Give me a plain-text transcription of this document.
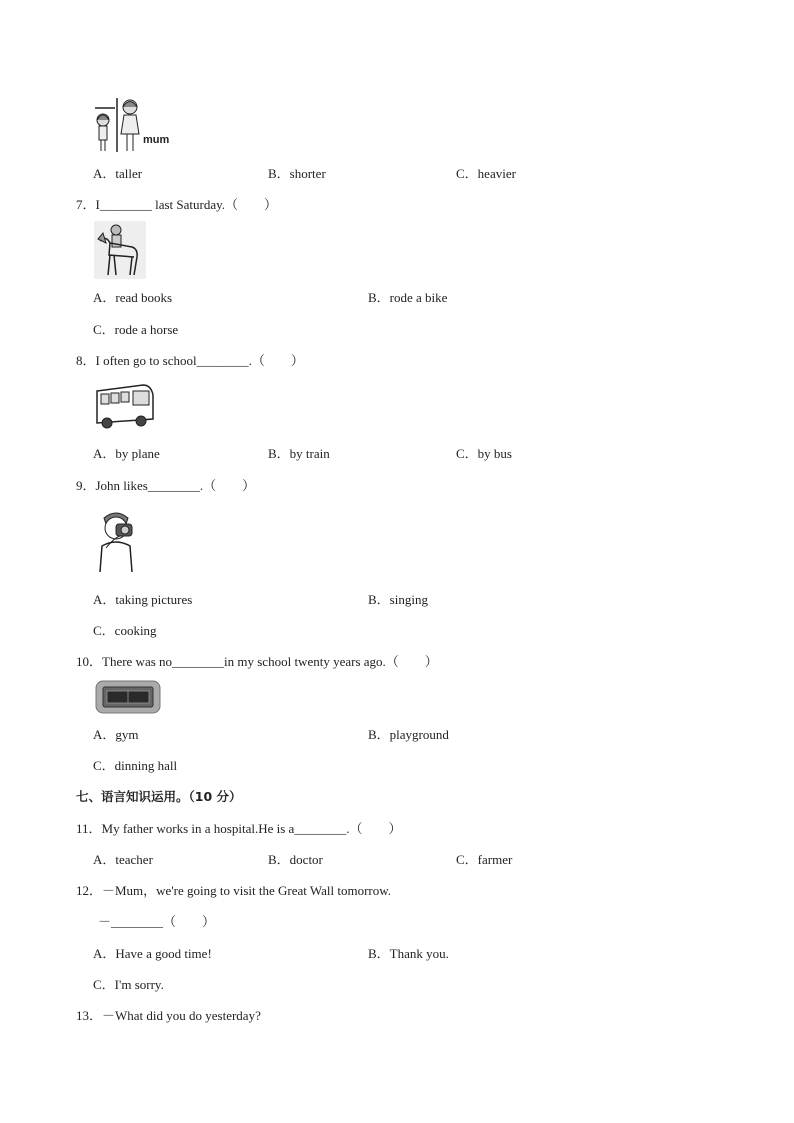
mum
A．taller	B．shorter	C．heavier
7．I________ last Saturday.（　　）
A．read books	B．rode a bike
C．rode a horse
8．I often go to school________.（　　）
A．by plane	B．by train	C．by bus
9．John likes________.（　　）
A．taking pictures	B．singing
C．cooking
10．There was no________in my school twenty years ago.（　　）
A．gym	B．playground
C．dinning hall
七、语言知识运用。（10 分）
11．My father works in a hospital.He is a________.（　　）
A．teacher	B．doctor	C．farmer
12．－Mum，we're going to visit the Great Wall tomorrow.
－________（　　）
A．Have a good time!	B．Thank you.
C．I'm sorry.
13．－What did you do yesterday?
